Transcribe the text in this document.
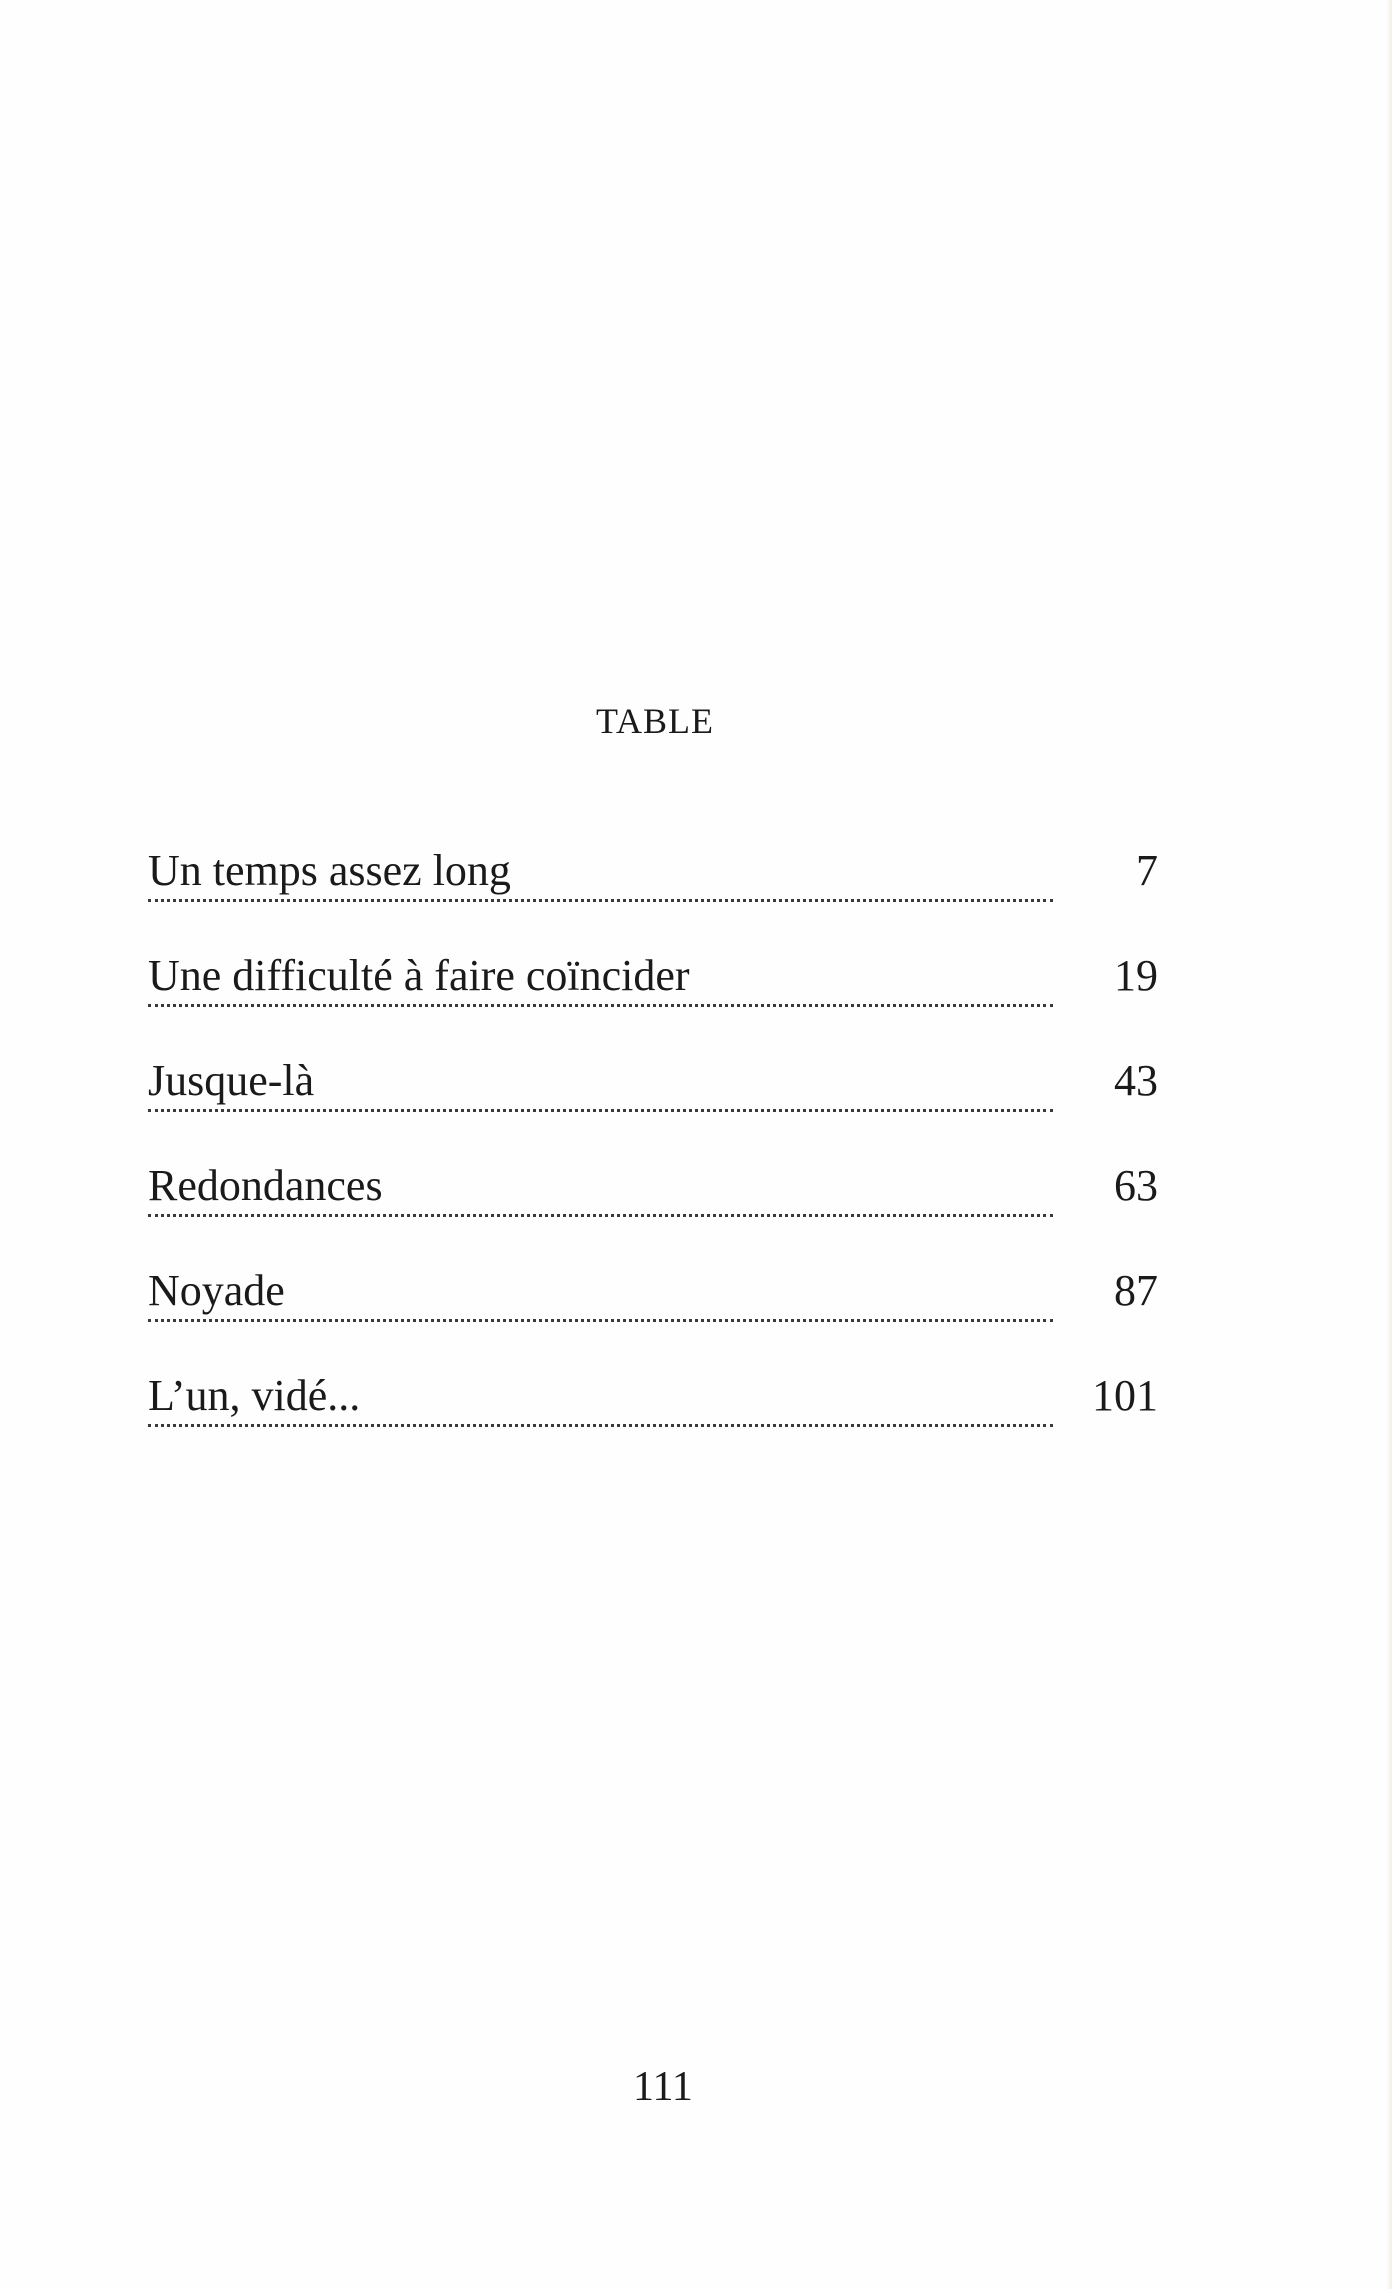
TABLE
Un temps assez long	7
Une difficulté à faire coïncider	19
Jusque-là	43
Redondances	63
Noyade	87
L’un, vidé...	101
111
